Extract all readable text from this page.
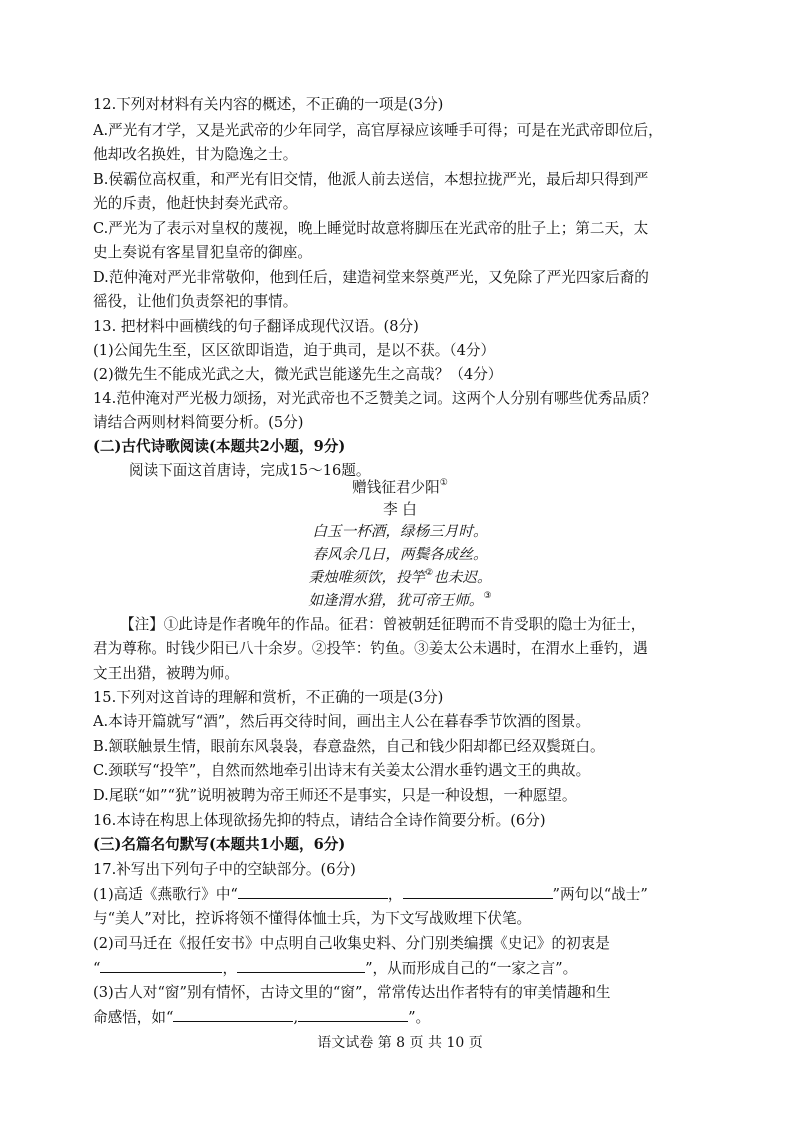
12.下列对材料有关内容的概述，不正确的一项是(3分)
A.严光有才学，又是光武帝的少年同学，高官厚禄应该唾手可得；可是在光武帝即位后，
他却改名换姓，甘为隐逸之士。
B.侯霸位高权重，和严光有旧交情，他派人前去送信，本想拉拢严光，最后却只得到严
光的斥责，他赶快封奏光武帝。
C.严光为了表示对皇权的蔑视，晚上睡觉时故意将脚压在光武帝的肚子上；第二天，太
史上奏说有客星冒犯皇帝的御座。
D.范仲淹对严光非常敬仰，他到任后，建造祠堂来祭奠严光，又免除了严光四家后裔的
徭役，让他们负责祭祀的事情。
13. 把材料中画横线的句子翻译成现代汉语。(8分)
(1)公闻先生至，区区欲即诣造，迫于典司，是以不获。（4分）
(2)微先生不能成光武之大，微光武岂能遂先生之高哉？（4分）
14.范仲淹对严光极力颂扬，对光武帝也不乏赞美之词。这两个人分别有哪些优秀品质？
请结合两则材料简要分析。(5分)
(二)古代诗歌阅读(本题共2小题，9分)
阅读下面这首唐诗，完成15～16题。
赠钱征君少阳①
李 白
白玉一杯酒，绿杨三月时。
春风余几日，两鬓各成丝。
秉烛唯须饮，投竿②也未迟。
如逢渭水猎，犹可帝王师。③
【注】①此诗是作者晚年的作品。征君：曾被朝廷征聘而不肯受职的隐士为征士，
君为尊称。时钱少阳已八十余岁。②投竿：钓鱼。③姜太公未遇时，在渭水上垂钓，遇
文王出猎，被聘为师。
15.下列对这首诗的理解和赏析，不正确的一项是(3分)
A.本诗开篇就写“酒”，然后再交待时间，画出主人公在暮春季节饮酒的图景。
B.颔联触景生情，眼前东风袅袅，春意盎然，自己和钱少阳却都已经双鬓斑白。
C.颈联写“投竿”，自然而然地牵引出诗末有关姜太公渭水垂钓遇文王的典故。
D.尾联“如”“犹”说明被聘为帝王师还不是事实，只是一种设想，一种愿望。
16.本诗在构思上体现欲扬先抑的特点，请结合全诗作简要分析。(6分)
(三)名篇名句默写(本题共1小题，6分)
17.补写出下列句子中的空缺部分。(6分)
(1)高适《燕歌行》中“	，	”两句以“战士”
与“美人”对比，控诉将领不懂得体恤士兵，为下文写战败埋下伏笔。
(2)司马迁在《报任安书》中点明自己收集史料、分门别类编撰《史记》的初衷是
“	，	”，从而形成自己的“一家之言”。
(3)古人对“窗”别有情怀，古诗文里的“窗”，常常传达出作者特有的审美情趣和生
命感悟，如“	,	”。
语文试卷 第 8 页 共 10 页
